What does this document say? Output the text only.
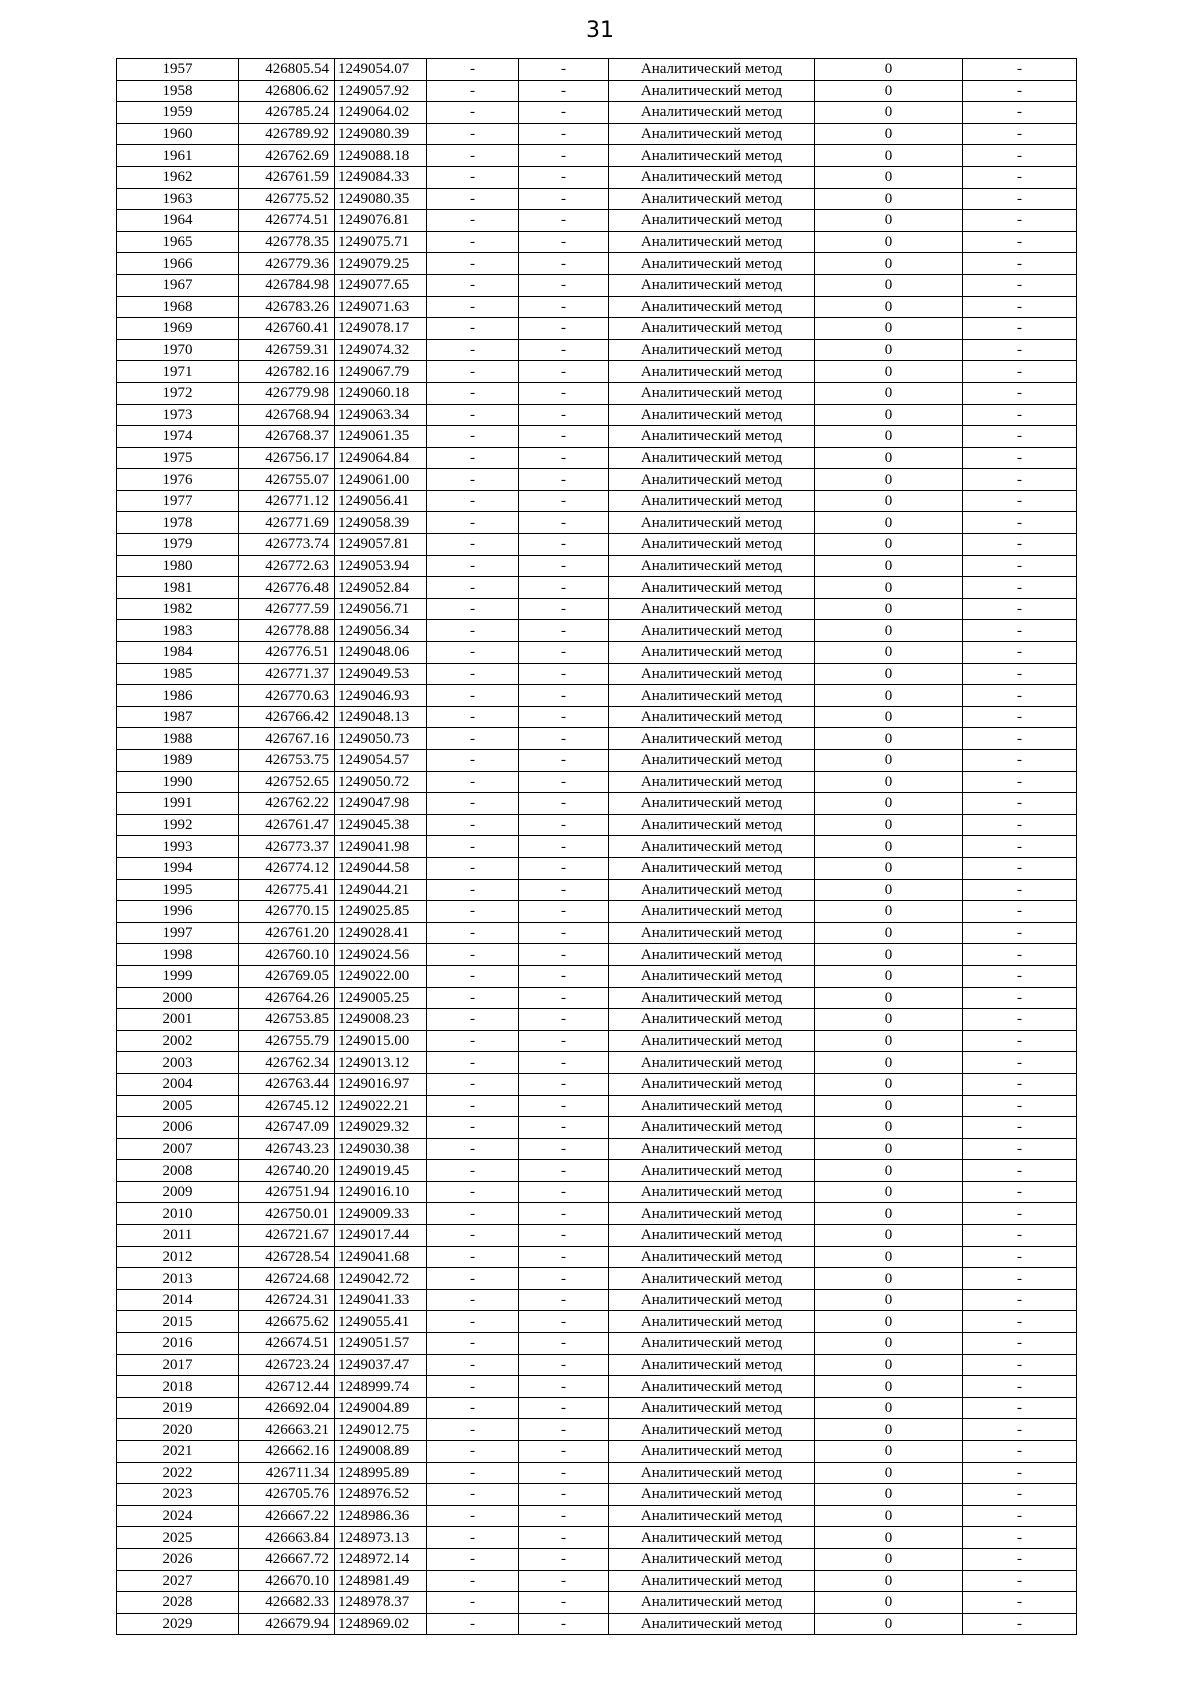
31
1957	426805.54	1249054.07	-	-	Аналитический метод	0	-
1958	426806.62	1249057.92	-	-	Аналитический метод	0	-
1959	426785.24	1249064.02	-	-	Аналитический метод	0	-
1960	426789.92	1249080.39	-	-	Аналитический метод	0	-
1961	426762.69	1249088.18	-	-	Аналитический метод	0	-
1962	426761.59	1249084.33	-	-	Аналитический метод	0	-
1963	426775.52	1249080.35	-	-	Аналитический метод	0	-
1964	426774.51	1249076.81	-	-	Аналитический метод	0	-
1965	426778.35	1249075.71	-	-	Аналитический метод	0	-
1966	426779.36	1249079.25	-	-	Аналитический метод	0	-
1967	426784.98	1249077.65	-	-	Аналитический метод	0	-
1968	426783.26	1249071.63	-	-	Аналитический метод	0	-
1969	426760.41	1249078.17	-	-	Аналитический метод	0	-
1970	426759.31	1249074.32	-	-	Аналитический метод	0	-
1971	426782.16	1249067.79	-	-	Аналитический метод	0	-
1972	426779.98	1249060.18	-	-	Аналитический метод	0	-
1973	426768.94	1249063.34	-	-	Аналитический метод	0	-
1974	426768.37	1249061.35	-	-	Аналитический метод	0	-
1975	426756.17	1249064.84	-	-	Аналитический метод	0	-
1976	426755.07	1249061.00	-	-	Аналитический метод	0	-
1977	426771.12	1249056.41	-	-	Аналитический метод	0	-
1978	426771.69	1249058.39	-	-	Аналитический метод	0	-
1979	426773.74	1249057.81	-	-	Аналитический метод	0	-
1980	426772.63	1249053.94	-	-	Аналитический метод	0	-
1981	426776.48	1249052.84	-	-	Аналитический метод	0	-
1982	426777.59	1249056.71	-	-	Аналитический метод	0	-
1983	426778.88	1249056.34	-	-	Аналитический метод	0	-
1984	426776.51	1249048.06	-	-	Аналитический метод	0	-
1985	426771.37	1249049.53	-	-	Аналитический метод	0	-
1986	426770.63	1249046.93	-	-	Аналитический метод	0	-
1987	426766.42	1249048.13	-	-	Аналитический метод	0	-
1988	426767.16	1249050.73	-	-	Аналитический метод	0	-
1989	426753.75	1249054.57	-	-	Аналитический метод	0	-
1990	426752.65	1249050.72	-	-	Аналитический метод	0	-
1991	426762.22	1249047.98	-	-	Аналитический метод	0	-
1992	426761.47	1249045.38	-	-	Аналитический метод	0	-
1993	426773.37	1249041.98	-	-	Аналитический метод	0	-
1994	426774.12	1249044.58	-	-	Аналитический метод	0	-
1995	426775.41	1249044.21	-	-	Аналитический метод	0	-
1996	426770.15	1249025.85	-	-	Аналитический метод	0	-
1997	426761.20	1249028.41	-	-	Аналитический метод	0	-
1998	426760.10	1249024.56	-	-	Аналитический метод	0	-
1999	426769.05	1249022.00	-	-	Аналитический метод	0	-
2000	426764.26	1249005.25	-	-	Аналитический метод	0	-
2001	426753.85	1249008.23	-	-	Аналитический метод	0	-
2002	426755.79	1249015.00	-	-	Аналитический метод	0	-
2003	426762.34	1249013.12	-	-	Аналитический метод	0	-
2004	426763.44	1249016.97	-	-	Аналитический метод	0	-
2005	426745.12	1249022.21	-	-	Аналитический метод	0	-
2006	426747.09	1249029.32	-	-	Аналитический метод	0	-
2007	426743.23	1249030.38	-	-	Аналитический метод	0	-
2008	426740.20	1249019.45	-	-	Аналитический метод	0	-
2009	426751.94	1249016.10	-	-	Аналитический метод	0	-
2010	426750.01	1249009.33	-	-	Аналитический метод	0	-
2011	426721.67	1249017.44	-	-	Аналитический метод	0	-
2012	426728.54	1249041.68	-	-	Аналитический метод	0	-
2013	426724.68	1249042.72	-	-	Аналитический метод	0	-
2014	426724.31	1249041.33	-	-	Аналитический метод	0	-
2015	426675.62	1249055.41	-	-	Аналитический метод	0	-
2016	426674.51	1249051.57	-	-	Аналитический метод	0	-
2017	426723.24	1249037.47	-	-	Аналитический метод	0	-
2018	426712.44	1248999.74	-	-	Аналитический метод	0	-
2019	426692.04	1249004.89	-	-	Аналитический метод	0	-
2020	426663.21	1249012.75	-	-	Аналитический метод	0	-
2021	426662.16	1249008.89	-	-	Аналитический метод	0	-
2022	426711.34	1248995.89	-	-	Аналитический метод	0	-
2023	426705.76	1248976.52	-	-	Аналитический метод	0	-
2024	426667.22	1248986.36	-	-	Аналитический метод	0	-
2025	426663.84	1248973.13	-	-	Аналитический метод	0	-
2026	426667.72	1248972.14	-	-	Аналитический метод	0	-
2027	426670.10	1248981.49	-	-	Аналитический метод	0	-
2028	426682.33	1248978.37	-	-	Аналитический метод	0	-
2029	426679.94	1248969.02	-	-	Аналитический метод	0	-
